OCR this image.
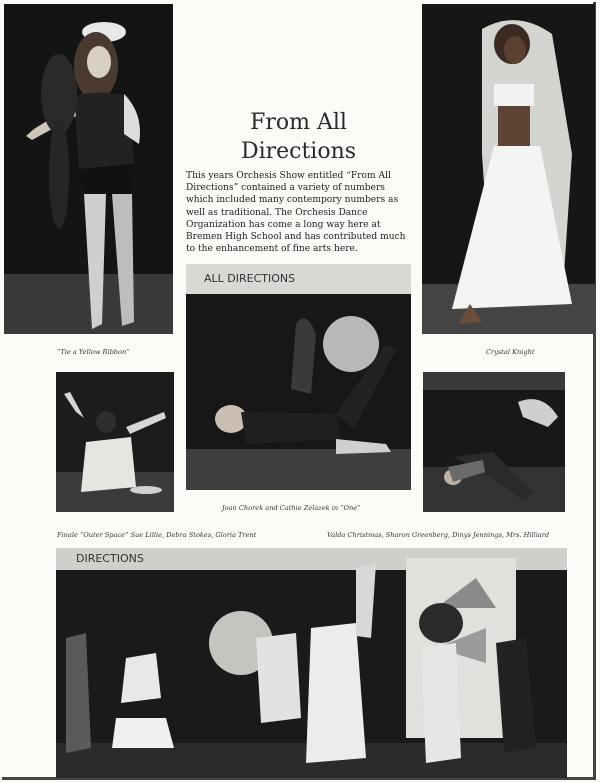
From All
Directions

This years Orchesis Show entitled “From All Directions” contained a variety of numbers which included many contempory numbers as well as traditional. The Orchesis Dance Organization has come a long way here at Bremen High School and has contributed much to the enhancement of fine arts here.

ALL DIRECTIONS
“Tie a Yellow Ribbon”	Crystal Knight
Joan Chorek and Cathie Zelazek in “One”
Finale “Outer Space” Sue Lillie, Debra Stokes, Gloria Trent	Valda Christmas, Sharon Greenberg, Dinys Jennings, Mrs. Hilliard
DIRECTIONS
